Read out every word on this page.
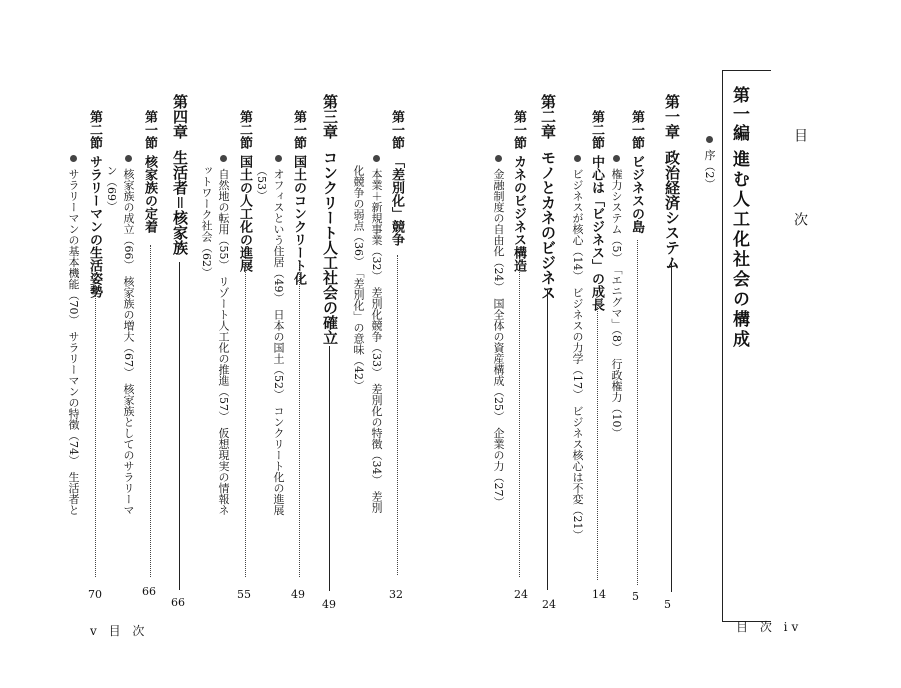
目　次
第一編
進む人工化社会の構成
序（2）
第一章
政治経済システム
5
第一節
ビジネスの島
5
権力システム（5）　「エニグマ」（8）　行政権力（10）
第二節
中心は「ビジネス」の成長
14
ビジネスが核心（14）　ビジネスの力学（17）　ビジネス核心は不変（21）
第二章
モノとカネのビジネス
24
第一節
カネのビジネス構造
24
金融制度の自由化（24）　国全体の資産構成（25）　企業の力（27）
目 次 iv
第一節
「差別化」競争
32
本業＋新規事業（32）　差別化競争（33）　差別化の特徴（34）　差別
化競争の弱点（36）　「差別化」の意味（42）
第三章
コンクリート人工社会の確立
49
第一節
国土のコンクリート化
49
オフィスという住居（49）　日本の国土（52）　コンクリート化の進展
（53）
第二節
国土の人工化の進展
55
自然地の転用（55）　リゾート人工化の推進（57）　仮想現実の情報ネ
ットワーク社会（62）
第四章
生活者＝核家族
66
第一節
核家族の定着
66
核家族の成立（66）　核家族の増大（67）　核家族としてのサラリーマ
ン（69）
第二節
サラリーマンの生活姿勢
70
サラリーマンの基本機能（70）　サラリーマンの特徴（74）　生活者と
v 目 次
